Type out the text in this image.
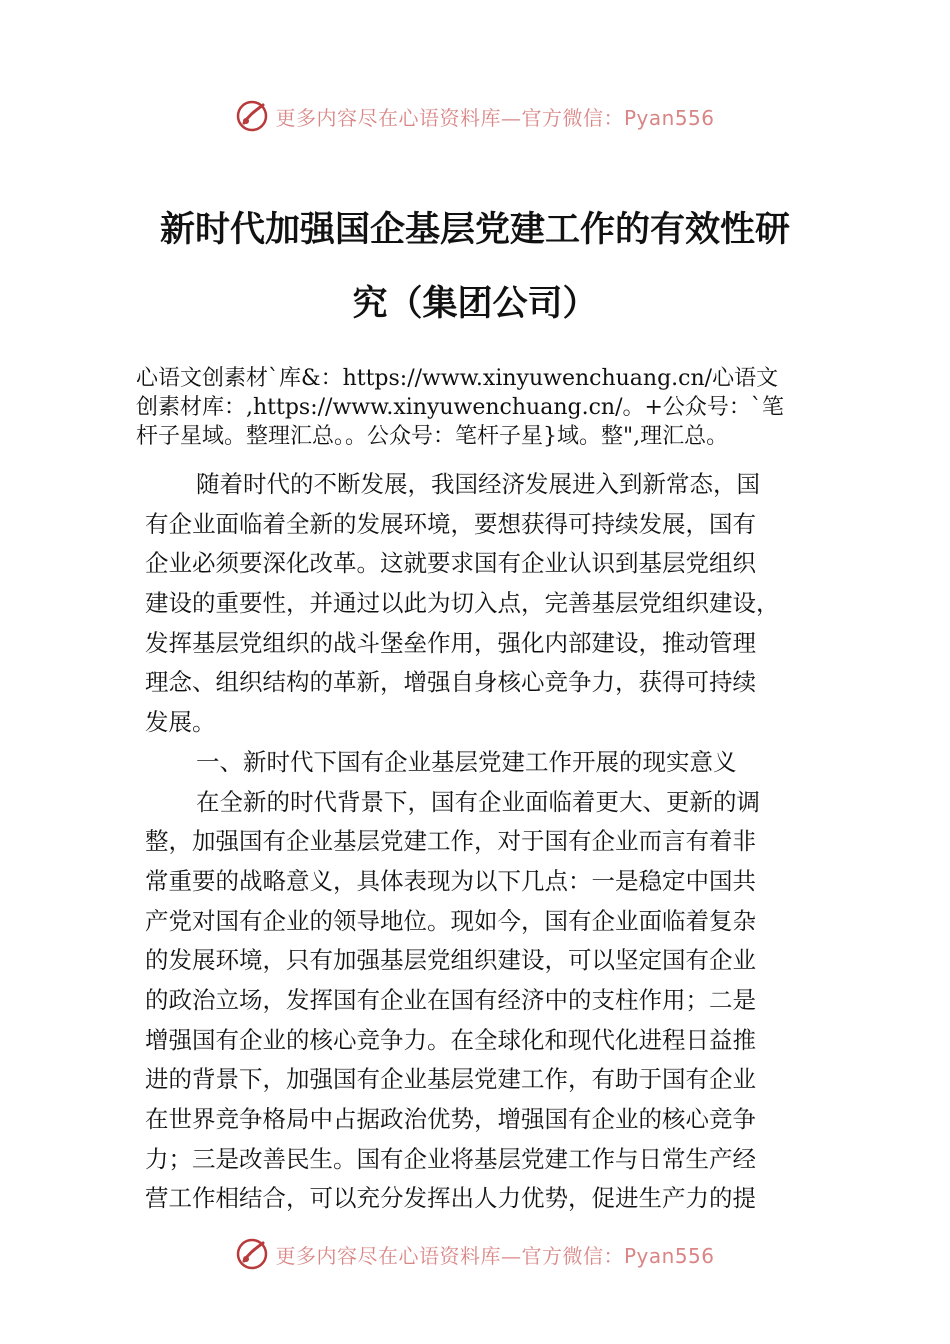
更多内容尽在心语资料库—官方微信：Pyan556
新时代加强国企基层党建工作的有效性研
究（集团公司）
心语文创素材`库&：https://www.xinyuwenchuang.cn/心语文
创素材库：,https://www.xinyuwenchuang.cn/。+公众号：`笔
杆子星域。整理汇总。。公众号：笔杆子星}域。整",理汇总。
随着时代的不断发展，我国经济发展进入到新常态，国
有企业面临着全新的发展环境，要想获得可持续发展，国有
企业必须要深化改革。这就要求国有企业认识到基层党组织
建设的重要性，并通过以此为切入点，完善基层党组织建设，
发挥基层党组织的战斗堡垒作用，强化内部建设，推动管理
理念、组织结构的革新，增强自身核心竞争力，获得可持续
发展。
一、新时代下国有企业基层党建工作开展的现实意义
在全新的时代背景下，国有企业面临着更大、更新的调
整，加强国有企业基层党建工作，对于国有企业而言有着非
常重要的战略意义，具体表现为以下几点：一是稳定中国共
产党对国有企业的领导地位。现如今，国有企业面临着复杂
的发展环境，只有加强基层党组织建设，可以坚定国有企业
的政治立场，发挥国有企业在国有经济中的支柱作用；二是
增强国有企业的核心竞争力。在全球化和现代化进程日益推
进的背景下，加强国有企业基层党建工作，有助于国有企业
在世界竞争格局中占据政治优势，增强国有企业的核心竞争
力；三是改善民生。国有企业将基层党建工作与日常生产经
营工作相结合，可以充分发挥出人力优势，促进生产力的提
更多内容尽在心语资料库—官方微信：Pyan556
